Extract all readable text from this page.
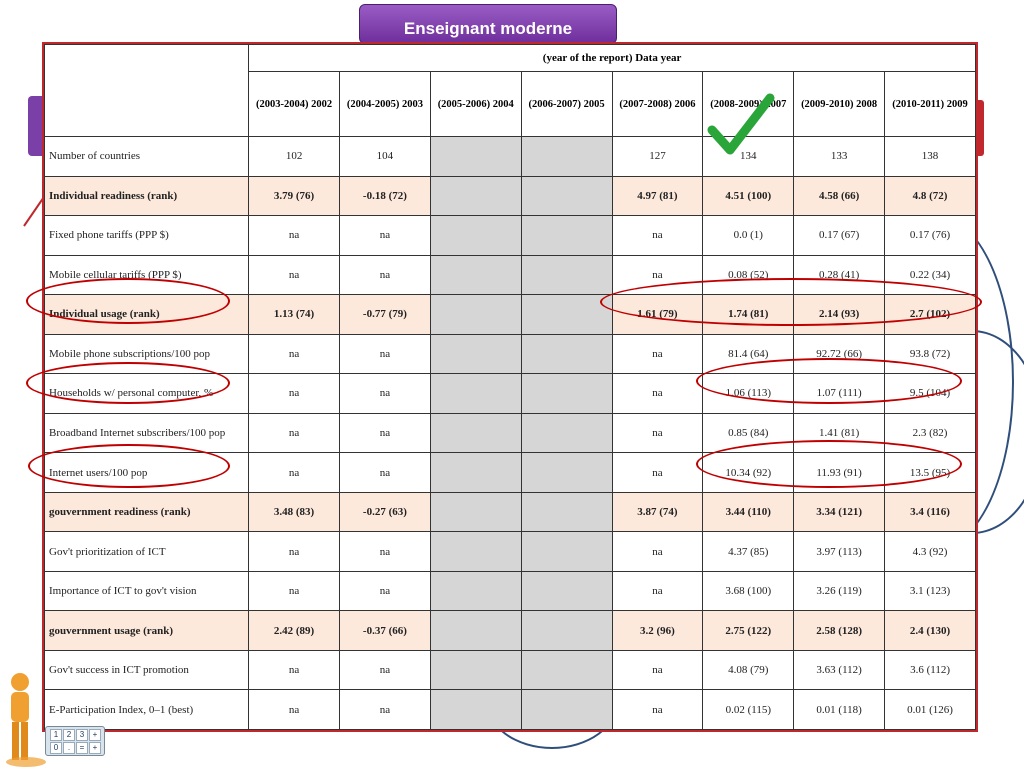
Enseignant moderne
	(year of the report) Data year							
	(2003-2004) 2002	(2004-2005) 2003	(2005-2006) 2004	(2006-2007) 2005	(2007-2008) 2006	(2008-2009) 2007	(2009-2010) 2008	(2010-2011) 2009
Number of countries	102	104			127	134	133	138
Individual readiness (rank)	3.79 (76)	-0.18 (72)			4.97 (81)	4.51 (100)	4.58 (66)	4.8 (72)
Fixed phone tariffs (PPP $)	na	na			na	0.0 (1)	0.17 (67)	0.17 (76)
Mobile cellular tariffs (PPP $)	na	na			na	0.08 (52)	0.28 (41)	0.22 (34)
Individual usage (rank)	1.13 (74)	-0.77 (79)			1.61 (79)	1.74 (81)	2.14 (93)	2.7 (102)
Mobile phone subscriptions/100 pop	na	na			na	81.4 (64)	92.72 (66)	93.8 (72)
Households w/ personal computer, %	na	na			na	1.06 (113)	1.07 (111)	9.5 (104)
Broadband Internet subscribers/100 pop	na	na			na	0.85 (84)	1.41 (81)	2.3 (82)
Internet users/100 pop	na	na			na	10.34 (92)	11.93 (91)	13.5 (95)
gouvernment readiness (rank)	3.48 (83)	-0.27 (63)			3.87 (74)	3.44 (110)	3.34 (121)	3.4 (116)
Gov't prioritization of ICT	na	na			na	4.37 (85)	3.97 (113)	4.3 (92)
Importance of ICT to gov't vision	na	na			na	3.68 (100)	3.26 (119)	3.1 (123)
gouvernment usage (rank)	2.42 (89)	-0.37 (66)			3.2 (96)	2.75 (122)	2.58 (128)	2.4 (130)
Gov't success in ICT promotion	na	na			na	4.08 (79)	3.63 (112)	3.6 (112)
E-Participation Index, 0–1 (best)	na	na			na	0.02 (115)	0.01 (118)	0.01 (126)
1	2	3	+
0	.	=	+
